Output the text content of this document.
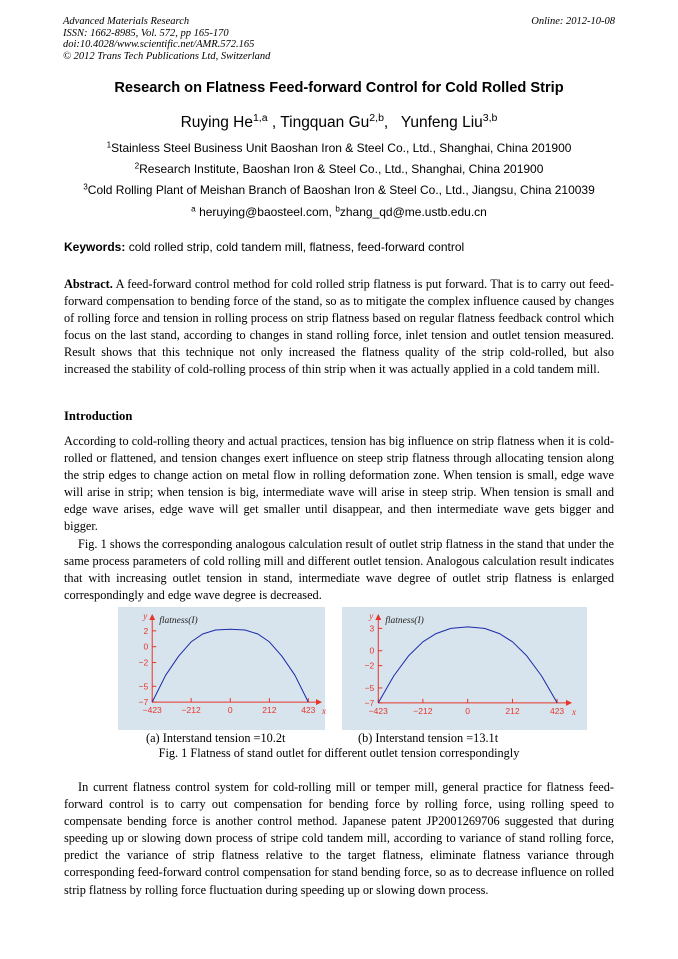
Advanced Materials Research
ISSN: 1662-8985, Vol. 572, pp 165-170
doi:10.4028/www.scientific.net/AMR.572.165
© 2012 Trans Tech Publications Ltd, Switzerland
Online: 2012-10-08
Research on Flatness Feed-forward Control for Cold Rolled Strip
Ruying He$^{1,a}$ , Tingquan Gu$^{2,b}$,   Yunfeng Liu$^{3,b}$
$^1$Stainless Steel Business Unit Baoshan Iron & Steel Co., Ltd., Shanghai, China 201900
$^2$Research Institute, Baoshan Iron & Steel Co., Ltd., Shanghai, China 201900
$^3$Cold Rolling Plant of Meishan Branch of Baoshan Iron & Steel Co., Ltd., Jiangsu, China 210039
$^a$ heruying@baosteel.com, $^b$zhang_qd@me.ustb.edu.cn
Keywords: cold rolled strip, cold tandem mill, flatness, feed-forward control

Abstract. A feed-forward control method for cold rolled strip flatness is put forward. That is to carry out feed-forward compensation to bending force of the stand, so as to mitigate the complex influence caused by changes of rolling force and tension in rolling process on strip flatness based on regular flatness feedback control which focus on the last stand, according to changes in stand rolling force, inlet tension and outlet tension measured. Result shows that this technique not only increased the flatness quality of the strip cold-rolled, but also increased the stability of cold-rolling process of thin strip when it was actually applied in a cold tandem mill.

Introduction

According to cold-rolling theory and actual practices, tension has big influence on strip flatness when it is cold-rolled or flattened, and tension changes exert influence on steep strip flatness through allocating tension along the strip edges to change action on metal flow in rolling deformation zone. When tension is small, edge wave will arise in strip; when tension is big, intermediate wave will arise in steep strip. When tension is small and edge wave arises, edge wave will get smaller until disappear, and then intermediate wave gets bigger and bigger.

Fig. 1 shows the corresponding analogous calculation result of outlet strip flatness in the stand that under the same process parameters of cold rolling mill and different outlet tension. Analogous calculation result indicates that with increasing outlet tension in stand, intermediate wave degree of outlet strip flatness is enlarged correspondingly and edge wave degree is decreased.

y
x
2
0
−2
−5
−7
−423 −212	0	212	423
flatness(I)	y
x
3
0
−2
−5
−7
−423	−212	0	212	423
flatness(I)
(a) Interstand tension =10.2t	(b) Interstand tension =13.1t
Fig. 1 Flatness of stand outlet for different outlet tension correspondingly

In current flatness control system for cold-rolling mill or temper mill, general practice for flatness feed-forward control is to carry out compensation for bending force by rolling force, using rolling speed to compensate bending force is another control method. Japanese patent JP2001269706 suggested that during speeding up or slowing down process of stripe cold tandem mill, according to variance of stand rolling force, predict the variance of strip flatness relative to the target flatness, eliminate flatness variance through corresponding feed-forward control compensation for stand bending force, so as to decrease influence on rolled strip flatness by rolling force fluctuation during speeding up or slowing down process.
